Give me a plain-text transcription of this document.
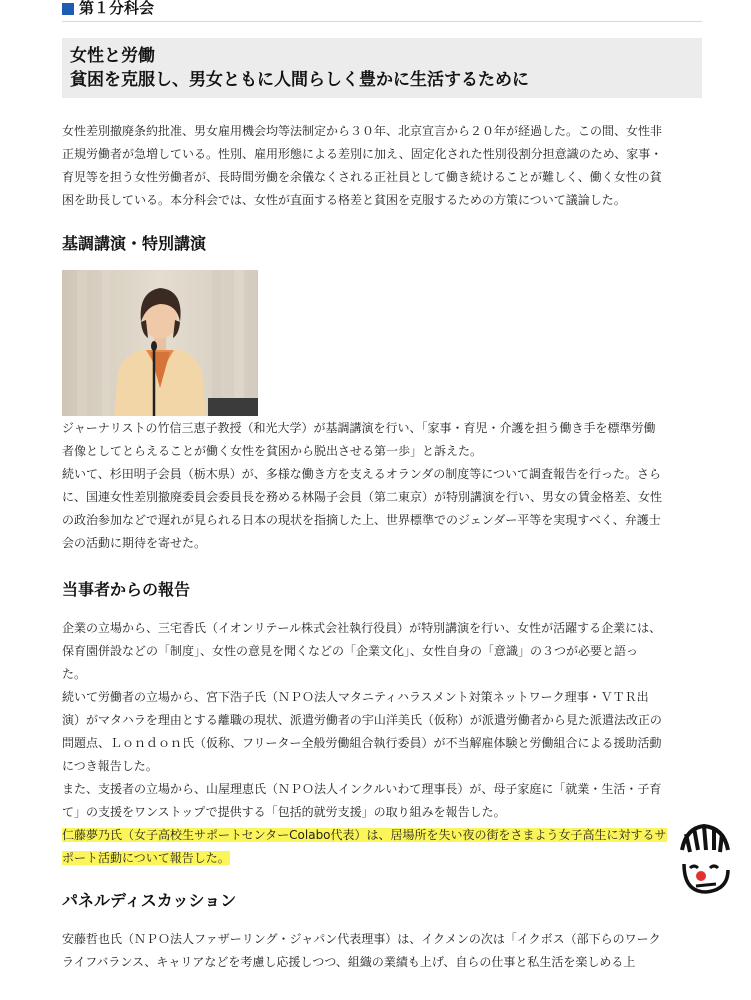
第１分科会
女性と労働
貧困を克服し、男女ともに人間らしく豊かに生活するために

女性差別撤廃条約批准、男女雇用機会均等法制定から３０年、北京宣言から２０年が経過した。この間、女性非

正規労働者が急増している。性別、雇用形態による差別に加え、固定化された性別役割分担意識のため、家事・

育児等を担う女性労働者が、長時間労働を余儀なくされる正社員として働き続けることが難しく、働く女性の貧

困を助長している。本分科会では、女性が直面する格差と貧困を克服するための方策について議論した。

基調講演・特別講演

ジャーナリストの竹信三恵子教授（和光大学）が基調講演を行い、「家事・育児・介護を担う働き手を標準労働

者像としてとらえることが働く女性を貧困から脱出させる第一歩」と訴えた。

続いて、杉田明子会員（栃木県）が、多様な働き方を支えるオランダの制度等について調査報告を行った。さら

に、国連女性差別撤廃委員会委員長を務める林陽子会員（第二東京）が特別講演を行い、男女の賃金格差、女性

の政治参加などで遅れが見られる日本の現状を指摘した上、世界標準でのジェンダー平等を実現すべく、弁護士

会の活動に期待を寄せた。

当事者からの報告

企業の立場から、三宅香氏（イオンリテール株式会社執行役員）が特別講演を行い、女性が活躍する企業には、

保育園併設などの「制度」、女性の意見を聞くなどの「企業文化」、女性自身の「意識」の３つが必要と語っ

た。

続いて労働者の立場から、宮下浩子氏（ＮＰＯ法人マタニティハラスメント対策ネットワーク理事・ＶＴＲ出

演）がマタハラを理由とする離職の現状、派遣労働者の宇山洋美氏（仮称）が派遣労働者から見た派遣法改正の

問題点、Ｌｏｎｄｏｎ氏（仮称、フリーター全般労働組合執行委員）が不当解雇体験と労働組合による援助活動

につき報告した。

また、支援者の立場から、山屋理恵氏（ＮＰＯ法人インクルいわて理事長）が、母子家庭に「就業・生活・子育

て」の支援をワンストップで提供する「包括的就労支援」の取り組みを報告した。

仁藤夢乃氏（女子高校生サポートセンターColabo代表）は、居場所を失い夜の街をさまよう女子高生に対するサ

ポート活動について報告した。

パネルディスカッション

安藤哲也氏（ＮＰＯ法人ファザーリング・ジャパン代表理事）は、イクメンの次は「イクボス（部下らのワーク

ライフバランス、キャリアなどを考慮し応援しつつ、組織の業績も上げ、自らの仕事と私生活を楽しめる上
